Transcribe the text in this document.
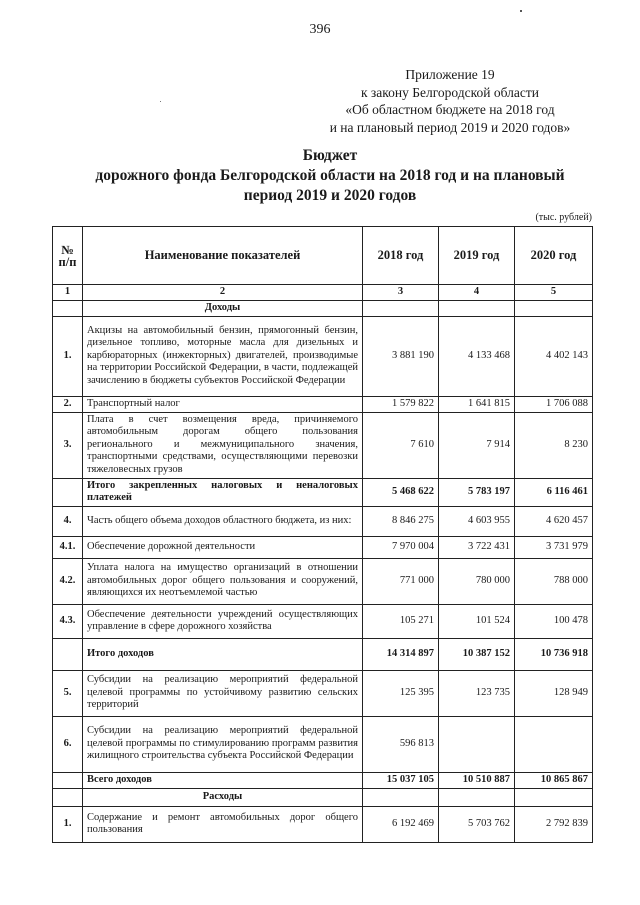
396
Приложение 19
к закону Белгородской области
«Об областном бюджете на 2018 год
и на плановый период 2019 и 2020 годов»
Бюджет
дорожного фонда Белгородской области на 2018 год и на плановый
период 2019 и 2020 годов
(тыс. рублей)
№ п/п	Наименование показателей	2018 год	2019 год	2020 год
1	2	3	4	5
	Доходы			
1.	Акцизы на автомобильный бензин, прямогонный бензин, дизельное топливо, моторные масла для дизельных и карбюраторных (инжекторных) двигателей, производимые на территории Российской Федерации, в части, подлежащей зачислению в бюджеты субъектов Российской Федерации	3 881 190	4 133 468	4 402 143
2.	Транспортный налог	1 579 822	1 641 815	1 706 088
3.	Плата в счет возмещения вреда, причиняемого автомобильным дорогам общего пользования регионального и межмуниципального значения, транспортными средствами, осуществляющими перевозки тяжеловесных грузов	7 610	7 914	8 230
	Итого закрепленных налоговых и неналоговых платежей	5 468 622	5 783 197	6 116 461
4.	Часть общего объема доходов областного бюджета, из них:	8 846 275	4 603 955	4 620 457
4.1.	Обеспечение дорожной деятельности	7 970 004	3 722 431	3 731 979
4.2.	Уплата налога на имущество организаций в отношении автомобильных дорог общего пользования и сооружений, являющихся их неотъемлемой частью	771 000	780 000	788 000
4.3.	Обеспечение деятельности учреждений осуществляющих управление в сфере дорожного хозяйства	105 271	101 524	100 478
	Итого доходов	14 314 897	10 387 152	10 736 918
5.	Субсидии на реализацию мероприятий федеральной целевой программы по устойчивому развитию сельских территорий	125 395	123 735	128 949
6.	Субсидии на реализацию мероприятий федеральной целевой программы по стимулированию программ развития жилищного строительства субъекта Российской Федерации	596 813		
	Всего доходов	15 037 105	10 510 887	10 865 867
	Расходы			
1.	Содержание и ремонт автомобильных дорог общего пользования	6 192 469	5 703 762	2 792 839
